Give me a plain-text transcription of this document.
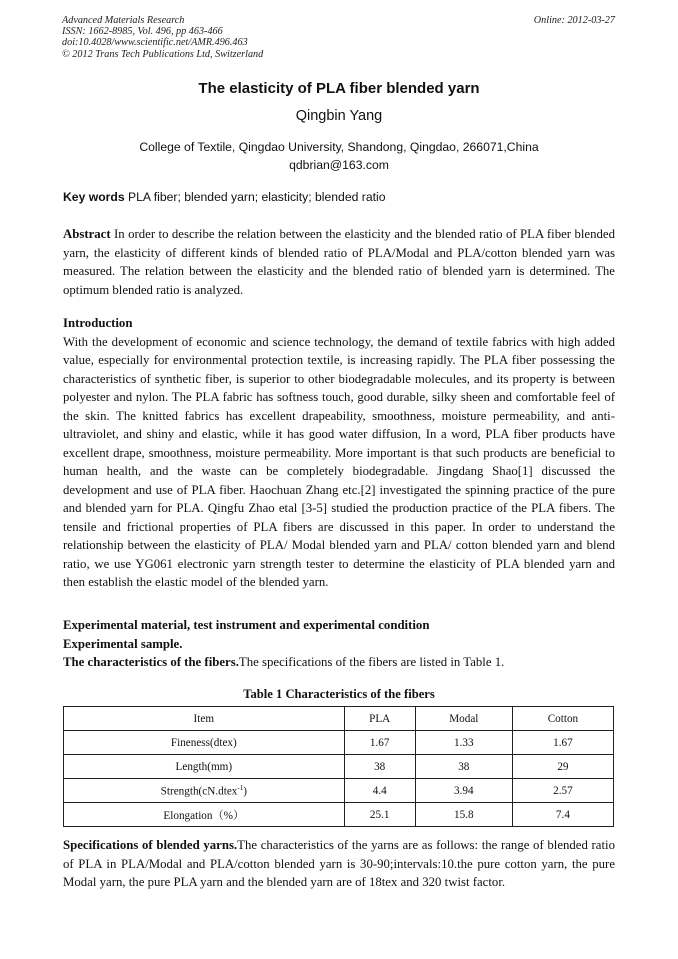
Advanced Materials Research
ISSN: 1662-8985, Vol. 496, pp 463-466
doi:10.4028/www.scientific.net/AMR.496.463
© 2012 Trans Tech Publications Ltd, Switzerland
Online: 2012-03-27
The elasticity of PLA fiber blended yarn
Qingbin Yang
College of Textile, Qingdao University, Shandong, Qingdao, 266071,China
qdbrian@163.com
Key words PLA fiber; blended yarn; elasticity; blended ratio
Abstract In order to describe the relation between the elasticity and the blended ratio of PLA fiber blended yarn, the elasticity of different kinds of blended ratio of PLA/Modal and PLA/cotton blended yarn was measured. The relation between the elasticity and the blended ratio of blended yarn is determined. The optimum blended ratio is analyzed.
Introduction
With the development of economic and science technology, the demand of textile fabrics with high added value, especially for environmental protection textile, is increasing rapidly. The PLA fiber possessing the characteristics of synthetic fiber, is superior to other biodegradable molecules, and its property is between polyester and nylon. The PLA fabric has softness touch, good durable, silky sheen and comfortable feel of the skin. The knitted fabrics has excellent drapeability, smoothness, moisture permeability, and anti-ultraviolet, and shiny and elastic, while it has good water diffusion, In a word, PLA fiber products have excellent drape, smoothness, moisture permeability. More important is that such products are beneficial to human health, and the waste can be completely biodegradable. Jingdang Shao[1] discussed the development and use of PLA fiber. Haochuan Zhang etc.[2] investigated the spinning practice of the pure and blended yarn for PLA. Qingfu Zhao etal [3-5] studied the production practice of the PLA fibers. The tensile and frictional properties of PLA fibers are discussed in this paper. In order to understand the relationship between the elasticity of PLA/ Modal blended yarn and PLA/ cotton blended yarn and blend ratio, we use YG061 electronic yarn strength tester to determine the elasticity of PLA blended yarn and then establish the elastic model of the blended yarn.
Experimental material, test instrument and experimental condition
Experimental sample.
The characteristics of the fibers.The specifications of the fibers are listed in Table 1.
Table 1 Characteristics of the fibers
Item	PLA	Modal	Cotton
Fineness(dtex)	1.67	1.33	1.67
Length(mm)	38	38	29
Strength(cN.dtex$^{-1}$)	4.4	3.94	2.57
Elongation（%）	25.1	15.8	7.4
Specifications of blended yarns.The characteristics of the yarns are as follows: the range of blended ratio of PLA in PLA/Modal and PLA/cotton blended yarn is 30-90;intervals:10.the pure cotton yarn, the pure Modal yarn, the pure PLA yarn and the blended yarn are of 18tex and 320 twist factor.
